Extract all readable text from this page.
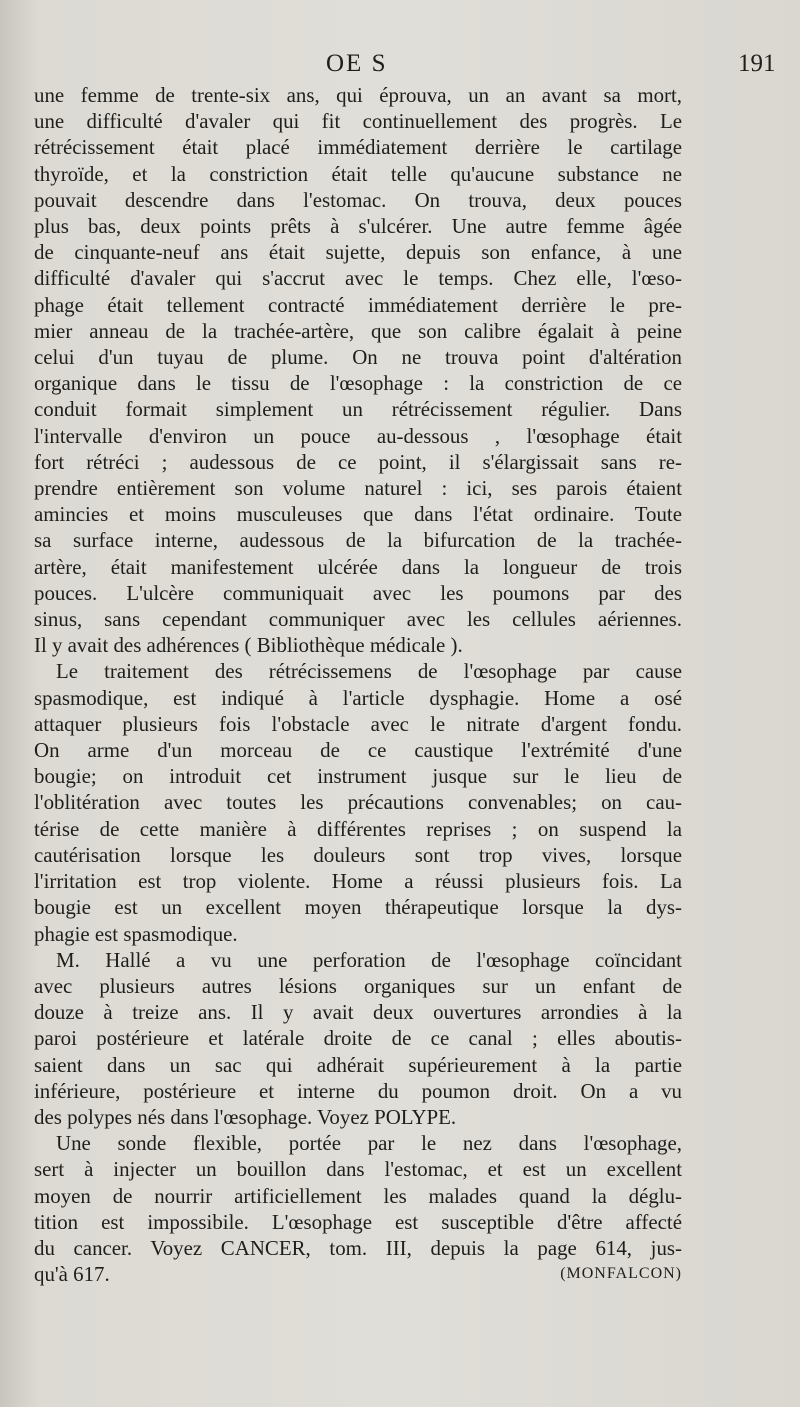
OE S	191
une femme de trente-six ans, qui éprouva, un an avant sa mort,
une difficulté d'avaler qui fit continuellement des progrès. Le
rétrécissement était placé immédiatement derrière le cartilage
thyroïde, et la constriction était telle qu'aucune substance ne
pouvait descendre dans l'estomac. On trouva, deux pouces
plus bas, deux points prêts à s'ulcérer. Une autre femme âgée
de cinquante-neuf ans était sujette, depuis son enfance, à une
difficulté d'avaler qui s'accrut avec le temps. Chez elle, l'œso-
phage était tellement contracté immédiatement derrière le pre-
mier anneau de la trachée-artère, que son calibre égalait à peine
celui d'un tuyau de plume. On ne trouva point d'altération
organique dans le tissu de l'œsophage : la constriction de ce
conduit formait simplement un rétrécissement régulier. Dans
l'intervalle d'environ un pouce au-dessous , l'œsophage était
fort rétréci ; audessous de ce point, il s'élargissait sans re-
prendre entièrement son volume naturel : ici, ses parois étaient
amincies et moins musculeuses que dans l'état ordinaire. Toute
sa surface interne, audessous de la bifurcation de la trachée-
artère, était manifestement ulcérée dans la longueur de trois
pouces. L'ulcère communiquait avec les poumons par des
sinus, sans cependant communiquer avec les cellules aériennes.
Il y avait des adhérences ( Bibliothèque médicale ).
Le traitement des rétrécissemens de l'œsophage par cause
spasmodique, est indiqué à l'article dysphagie. Home a osé
attaquer plusieurs fois l'obstacle avec le nitrate d'argent fondu.
On arme d'un morceau de ce caustique l'extrémité d'une
bougie; on introduit cet instrument jusque sur le lieu de
l'oblitération avec toutes les précautions convenables; on cau-
térise de cette manière à différentes reprises ; on suspend la
cautérisation lorsque les douleurs sont trop vives, lorsque
l'irritation est trop violente. Home a réussi plusieurs fois. La
bougie est un excellent moyen thérapeutique lorsque la dys-
phagie est spasmodique.
M. Hallé a vu une perforation de l'œsophage coïncidant
avec plusieurs autres lésions organiques sur un enfant de
douze à treize ans. Il y avait deux ouvertures arrondies à la
paroi postérieure et latérale droite de ce canal ; elles aboutis-
saient dans un sac qui adhérait supérieurement à la partie
inférieure, postérieure et interne du poumon droit. On a vu
des polypes nés dans l'œsophage. Voyez POLYPE.
Une sonde flexible, portée par le nez dans l'œsophage,
sert à injecter un bouillon dans l'estomac, et est un excellent
moyen de nourrir artificiellement les malades quand la déglu-
tition est impossibile. L'œsophage est susceptible d'être affecté
du cancer. Voyez CANCER, tom. III, depuis la page 614, jus-
qu'à 617.	(MONFALCON)
